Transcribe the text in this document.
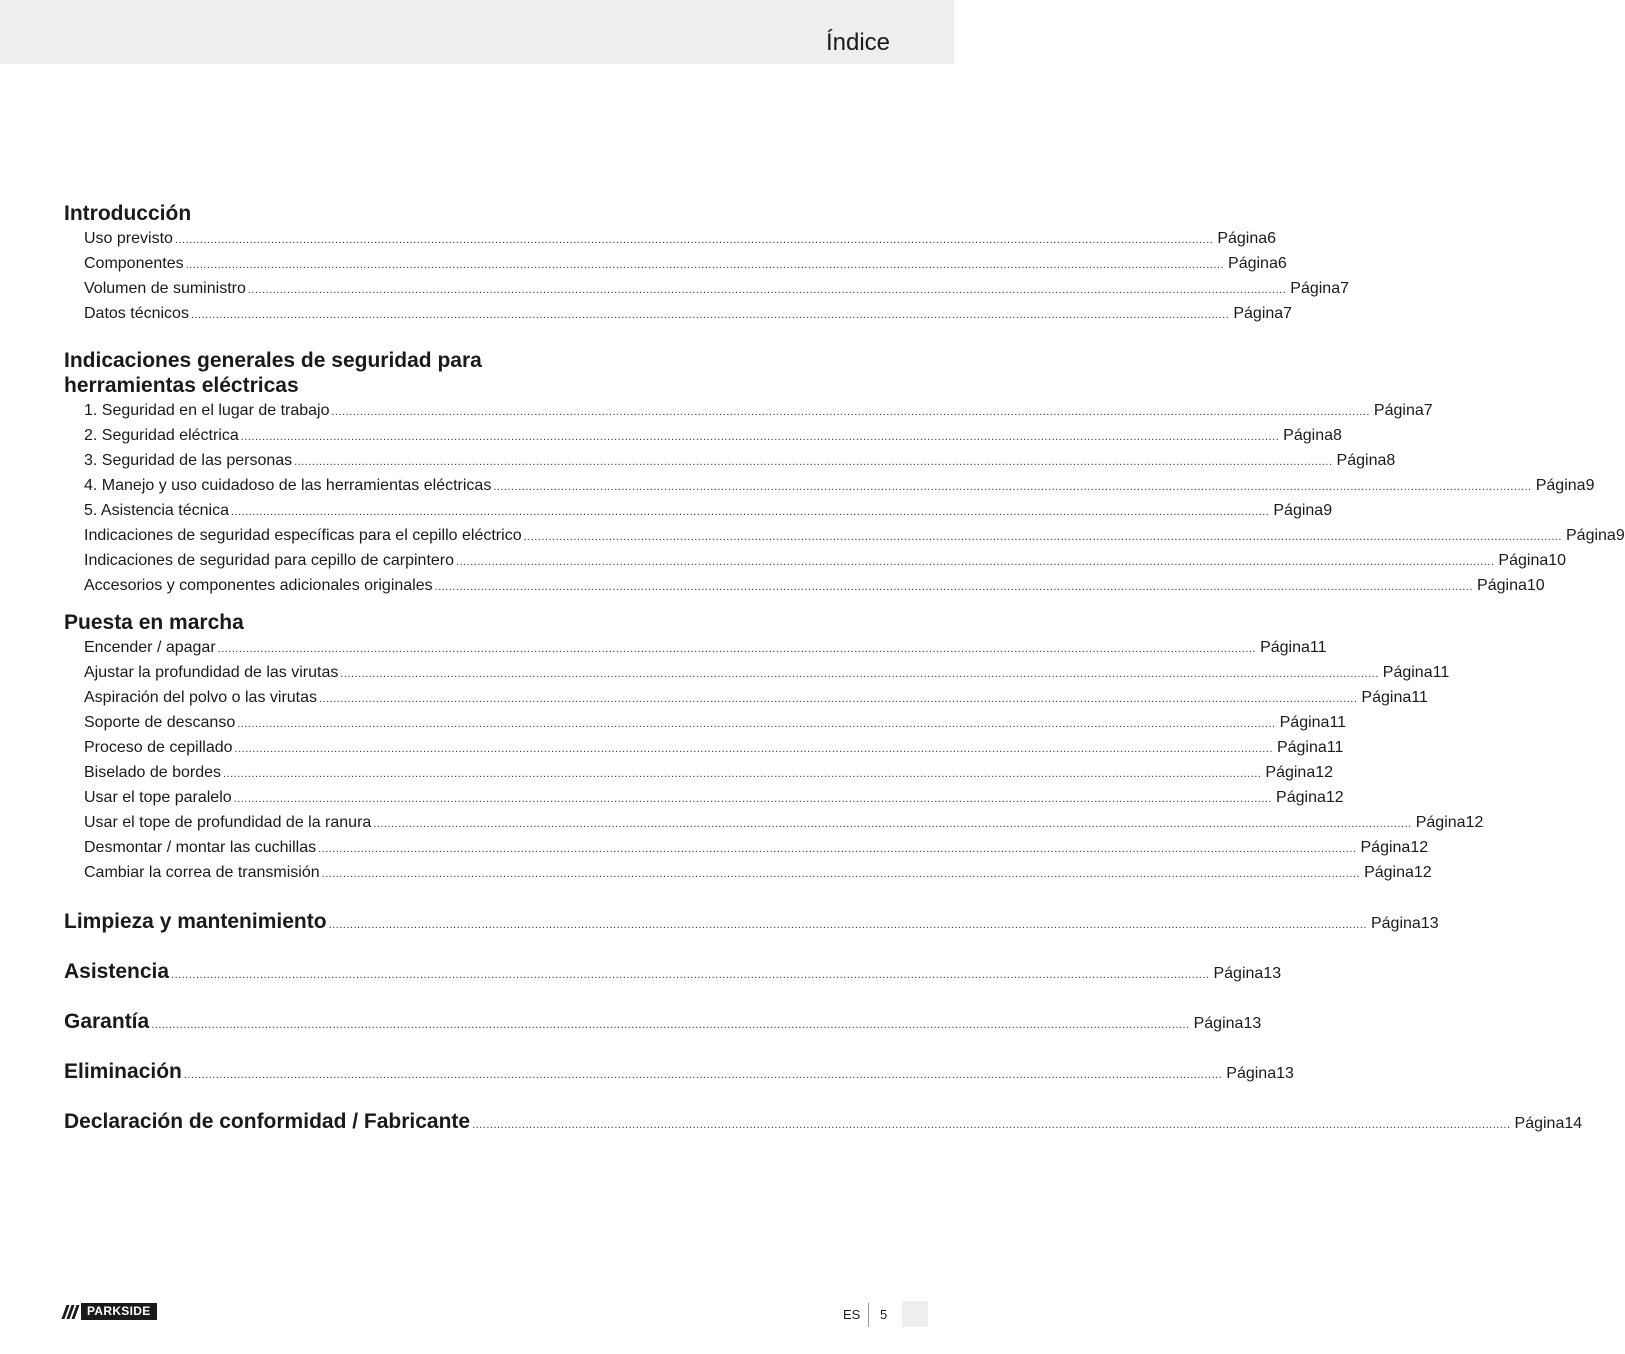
Índice
Introducción
Uso previsto .................................................................................................................................................................................................................................................................................................... Página 6
Componentes .................................................................................................................................................................................................................................................................................................... Página 6
Volumen de suministro .................................................................................................................................................................................................................................................................................................... Página 7
Datos técnicos .................................................................................................................................................................................................................................................................................................... Página 7
Indicaciones generales de seguridad para
herramientas eléctricas
1. Seguridad en el lugar de trabajo .................................................................................................................................................................................................................................................................................................... Página 7
2. Seguridad eléctrica .................................................................................................................................................................................................................................................................................................... Página 8
3. Seguridad de las personas .................................................................................................................................................................................................................................................................................................... Página 8
4. Manejo y uso cuidadoso de las herramientas eléctricas .................................................................................................................................................................................................................................................................................................... Página 9
5. Asistencia técnica .................................................................................................................................................................................................................................................................................................... Página 9
Indicaciones de seguridad específicas para el cepillo eléctrico .................................................................................................................................................................................................................................................................................................... Página 9
Indicaciones de seguridad para cepillo de carpintero .................................................................................................................................................................................................................................................................................................... Página 10
Accesorios y componentes adicionales originales .................................................................................................................................................................................................................................................................................................... Página 10
Puesta en marcha
Encender / apagar .................................................................................................................................................................................................................................................................................................... Página 11
Ajustar la profundidad de las virutas .................................................................................................................................................................................................................................................................................................... Página 11
Aspiración del polvo o las virutas .................................................................................................................................................................................................................................................................................................... Página 11
Soporte de descanso .................................................................................................................................................................................................................................................................................................... Página 11
Proceso de cepillado .................................................................................................................................................................................................................................................................................................... Página 11
Biselado de bordes .................................................................................................................................................................................................................................................................................................... Página 12
Usar el tope paralelo .................................................................................................................................................................................................................................................................................................... Página 12
Usar el tope de profundidad de la ranura .................................................................................................................................................................................................................................................................................................... Página 12
Desmontar / montar las cuchillas .................................................................................................................................................................................................................................................................................................... Página 12
Cambiar la correa de transmisión .................................................................................................................................................................................................................................................................................................... Página 12
Limpieza y mantenimiento .................................................................................................................................................................................................................................................................................................... Página 13
Asistencia .................................................................................................................................................................................................................................................................................................... Página 13
Garantía .................................................................................................................................................................................................................................................................................................... Página 13
Eliminación .................................................................................................................................................................................................................................................................................................... Página 13
Declaración de conformidad / Fabricante .................................................................................................................................................................................................................................................................................................... Página 14
PARKSIDE	ES 5
